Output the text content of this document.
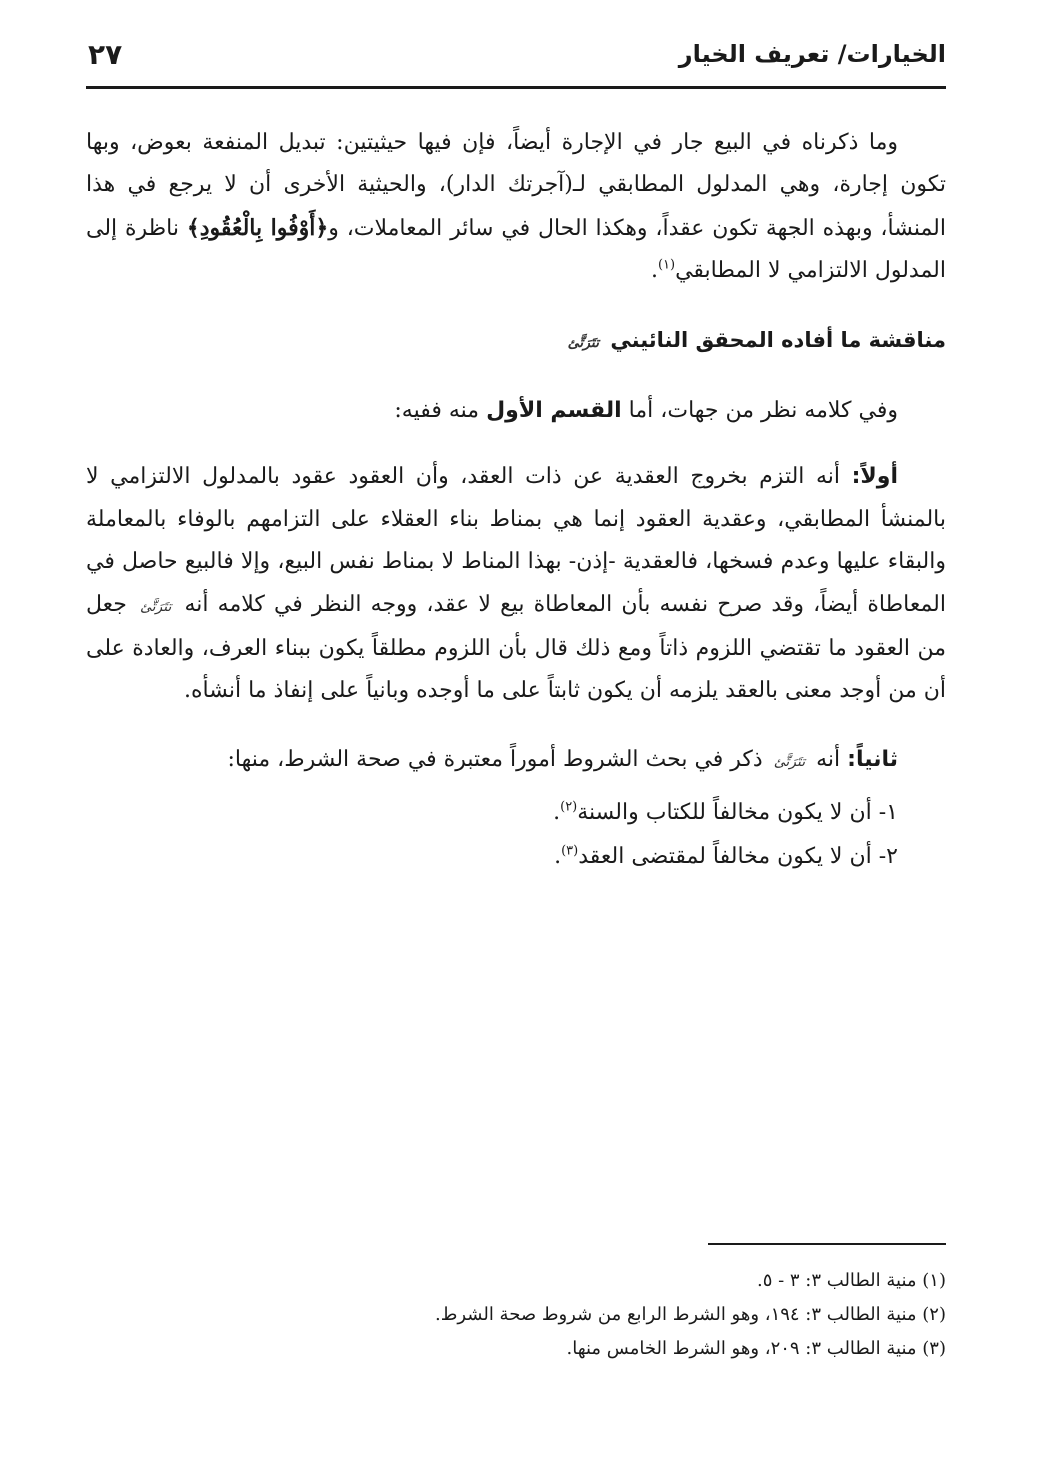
الخيارات/ تعريف الخيار
٢٧

وما ذكرناه في البيع جار في الإجارة أيضاً، فإن فيها حيثيتين: تبديل المنفعة بعوض، وبها تكون إجارة، وهي المدلول المطابقي لـ(آجرتك الدار)، والحيثية الأخرى أن لا يرجع في هذا المنشأ، وبهذه الجهة تكون عقداً، وهكذا الحال في سائر المعاملات، و﴿أَوْفُوا بِالْعُقُودِ﴾ ناظرة إلى المدلول الالتزامي لا المطابقي$^{(١)}$.

مناقشة ما أفاده المحقق النائيني تتَرَتَّئ

وفي كلامه نظر من جهات، أما القسم الأول منه ففيه:

أولاً: أنه التزم بخروج العقدية عن ذات العقد، وأن العقود عقود بالمدلول الالتزامي لا بالمنشأ المطابقي، وعقدية العقود إنما هي بمناط بناء العقلاء على التزامهم بالوفاء بالمعاملة والبقاء عليها وعدم فسخها، فالعقدية -إذن- بهذا المناط لا بمناط نفس البيع، وإلا فالبيع حاصل في المعاطاة أيضاً، وقد صرح نفسه بأن المعاطاة بيع لا عقد، ووجه النظر في كلامه أنه تتَرَتَّئ جعل من العقود ما تقتضي اللزوم ذاتاً ومع ذلك قال بأن اللزوم مطلقاً يكون ببناء العرف، والعادة على أن من أوجد معنى بالعقد يلزمه أن يكون ثابتاً على ما أوجده وبانياً على إنفاذ ما أنشأه.

ثانياً: أنه تتَرَتَّئ ذكر في بحث الشروط أموراً معتبرة في صحة الشرط، منها:

١- أن لا يكون مخالفاً للكتاب والسنة$^{(٢)}$.
٢- أن لا يكون مخالفاً لمقتضى العقد$^{(٣)}$.

(١) منية الطالب ٣: ٣ - ٥.

(٢) منية الطالب ٣: ١٩٤، وهو الشرط الرابع من شروط صحة الشرط.

(٣) منية الطالب ٣: ٢٠٩، وهو الشرط الخامس منها.
